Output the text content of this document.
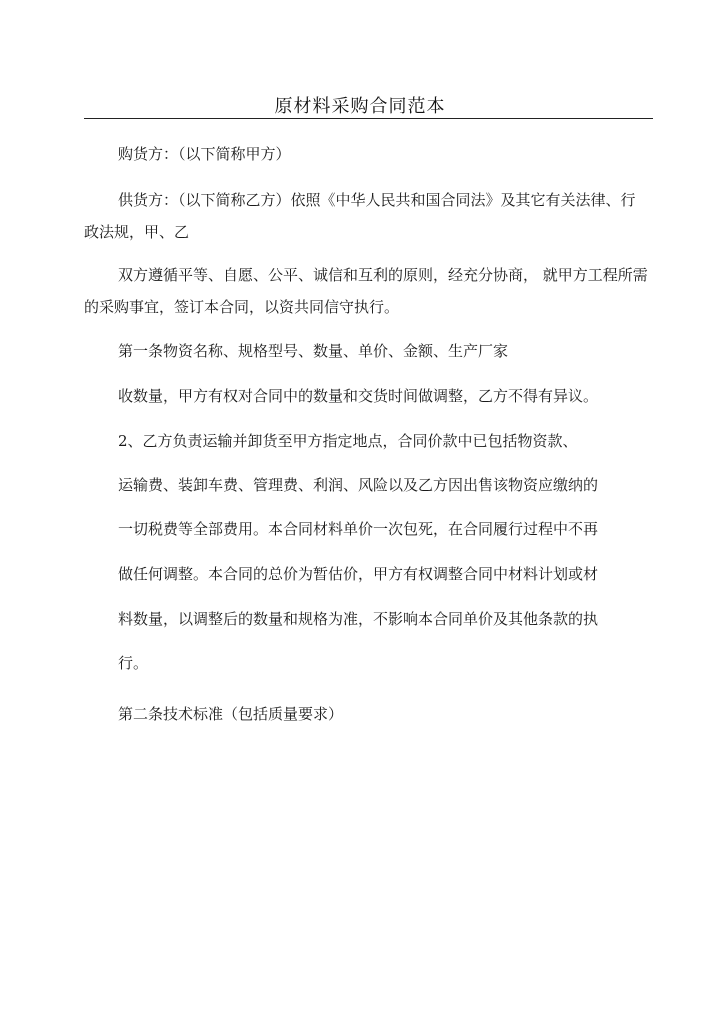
原材料采购合同范本
购货方：（以下简称甲方）
供货方：（以下简称乙方）依照《中华人民共和国合同法》及其它有关法律、行
政法规，甲、乙
双方遵循平等、自愿、公平、诚信和互利的原则，经充分协商， 就甲方工程所需
的采购事宜，签订本合同，以资共同信守执行。
第一条物资名称、规格型号、数量、单价、金额、生产厂家
收数量，甲方有权对合同中的数量和交货时间做调整，乙方不得有异议。
2、乙方负责运输并卸货至甲方指定地点，合同价款中已包括物资款、
运输费、装卸车费、管理费、利润、风险以及乙方因出售该物资应缴纳的
一切税费等全部费用。本合同材料单价一次包死，在合同履行过程中不再
做任何调整。本合同的总价为暂估价，甲方有权调整合同中材料计划或材
料数量，以调整后的数量和规格为准，不影响本合同单价及其他条款的执
行。
第二条技术标准（包括质量要求）
